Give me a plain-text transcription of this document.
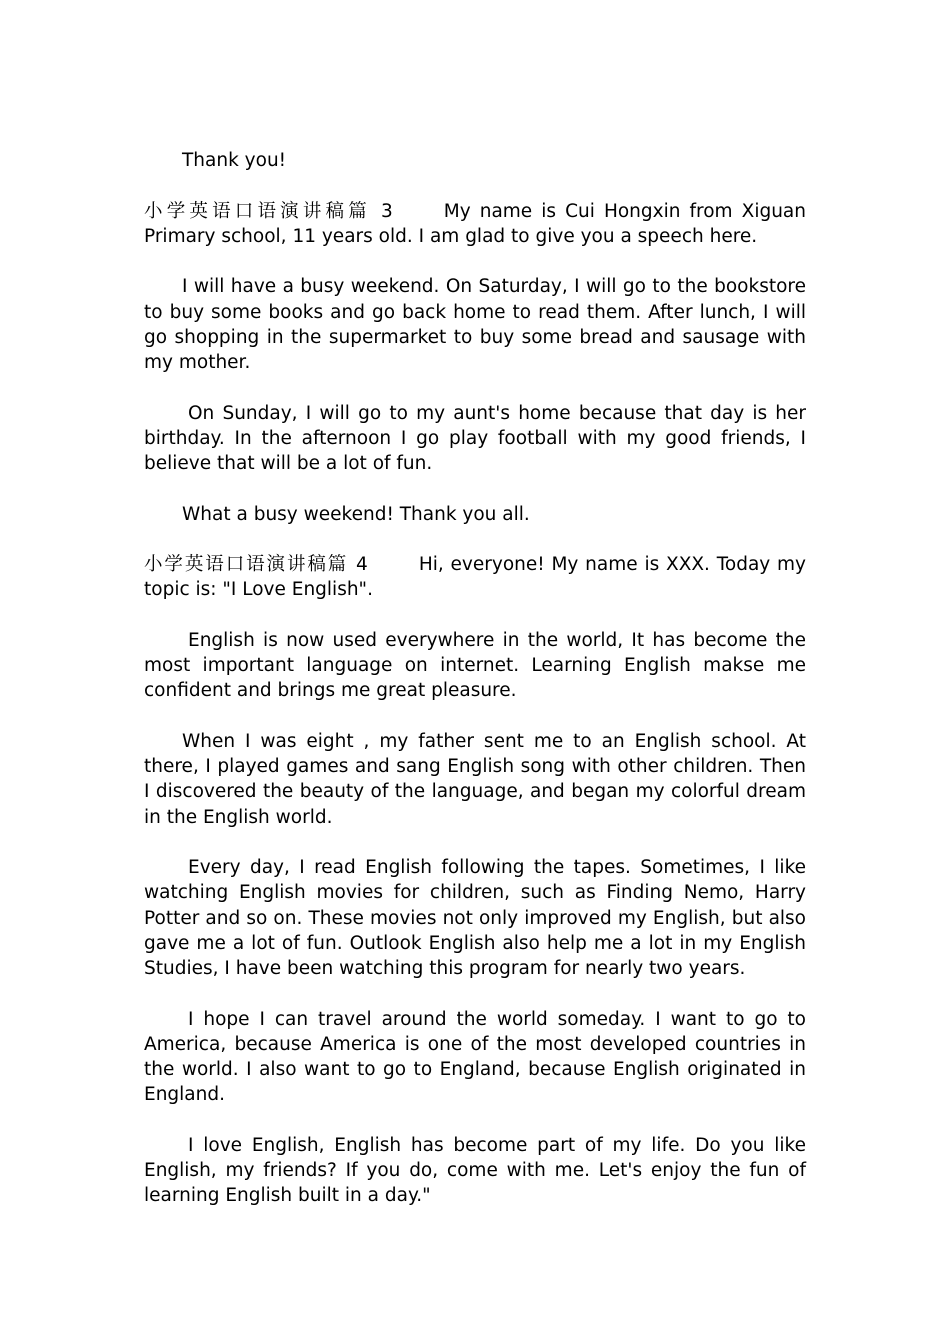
Thank you!

小学英语口语演讲稿篇 3	My name is Cui Hongxin from Xiguan Primary school, 11 years old. I am glad to give you a speech here.

I will have a busy weekend. On Saturday, I will go to the bookstore to buy some books and go back home to read them. After lunch, I will go shopping in the supermarket to buy some bread and sausage with my mother.

On Sunday, I will go to my aunt's home because that day is her birthday. In the afternoon I go play football with my good friends, I believe that will be a lot of fun.

What a busy weekend! Thank you all.

小学英语口语演讲稿篇 4	Hi, everyone! My name is XXX. Today my topic is: "I Love English".

English is now used everywhere in the world, It has become the most important language on internet. Learning English makse me confident and brings me great pleasure.

When I was eight , my father sent me to an English school. At there, I played games and sang English song with other children. Then I discovered the beauty of the language, and began my colorful dream in the English world.

Every day, I read English following the tapes. Sometimes, I like watching English movies for children, such as Finding Nemo, Harry Potter and so on. These movies not only improved my English, but also gave me a lot of fun. Outlook English also help me a lot in my English Studies, I have been watching this program for nearly two years.

I hope I can travel around the world someday. I want to go to America, because America is one of the most developed countries in the world. I also want to go to England, because English originated in England.

I love English, English has become part of my life. Do you like English, my friends? If you do, come with me. Let's enjoy the fun of learning English built in a day."
